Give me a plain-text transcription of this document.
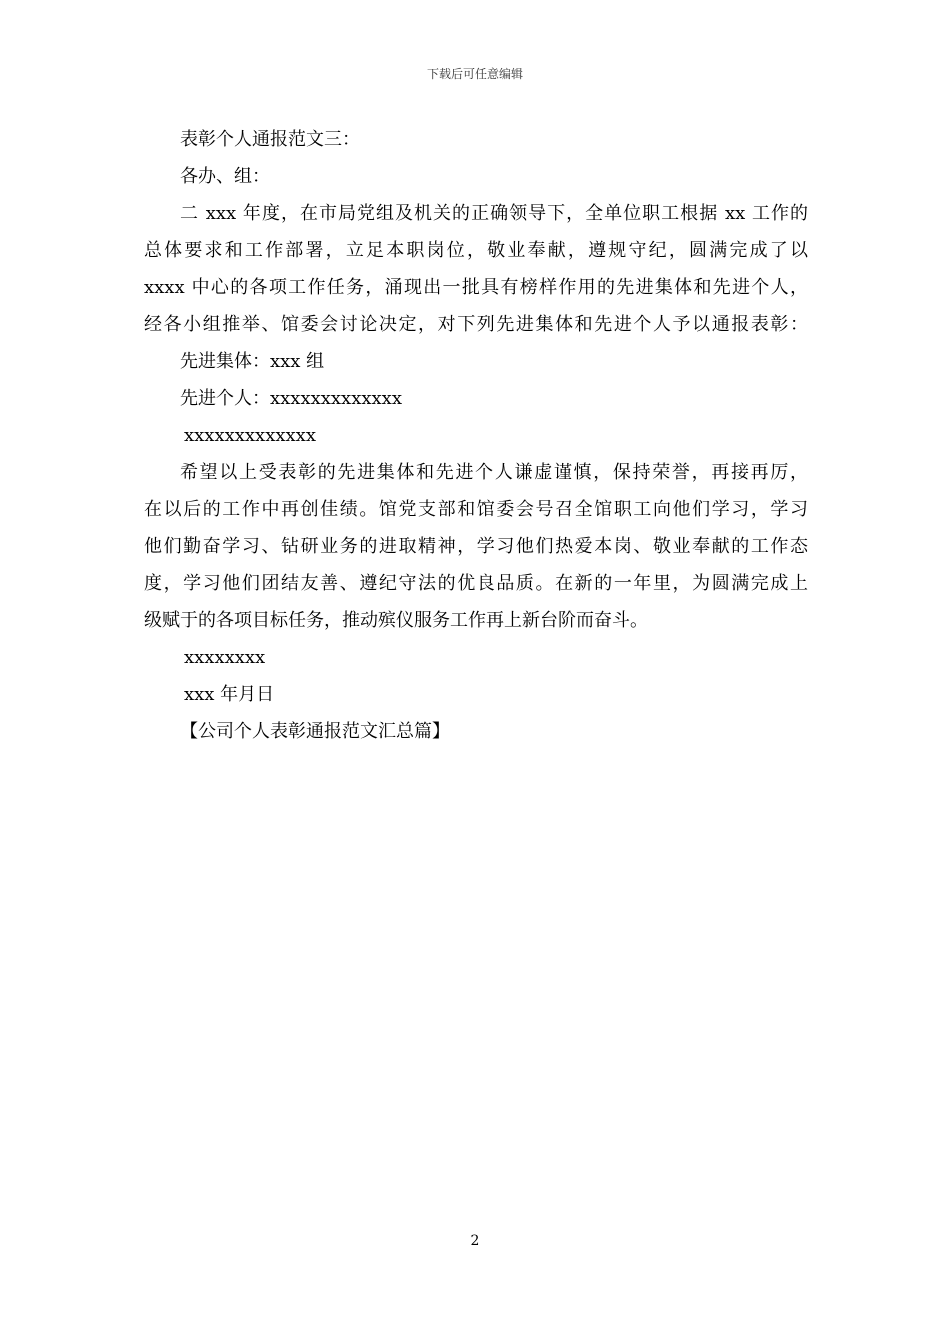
下载后可任意编辑
表彰个人通报范文三：
各办、组：
二 xxx 年度，在市局党组及机关的正确领导下，全单位职工根据 xx 工作的
总体要求和工作部署，立足本职岗位，敬业奉献，遵规守纪，圆满完成了以
xxxx 中心的各项工作任务，涌现出一批具有榜样作用的先进集体和先进个人，
经各小组推举、馆委会讨论决定，对下列先进集体和先进个人予以通报表彰：
先进集体：xxx 组
先进个人：xxxxxxxxxxxxx
xxxxxxxxxxxxx
希望以上受表彰的先进集体和先进个人谦虚谨慎，保持荣誉，再接再厉，
在以后的工作中再创佳绩。馆党支部和馆委会号召全馆职工向他们学习，学习
他们勤奋学习、钻研业务的进取精神，学习他们热爱本岗、敬业奉献的工作态
度，学习他们团结友善、遵纪守法的优良品质。在新的一年里，为圆满完成上
级赋于的各项目标任务，推动殡仪服务工作再上新台阶而奋斗。
xxxxxxxx
xxx 年月日
【公司个人表彰通报范文汇总篇】
2
